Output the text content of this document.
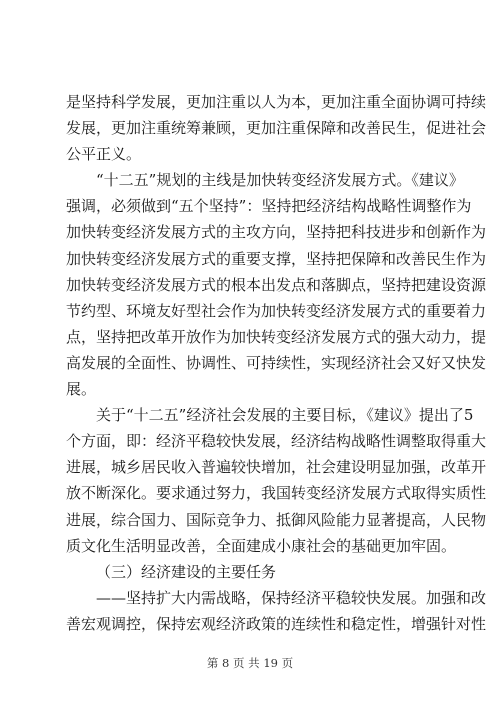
是坚持科学发展，更加注重以人为本，更加注重全面协调可持续
发展，更加注重统筹兼顾，更加注重保障和改善民生，促进社会
公平正义。
“十二五”规划的主线是加快转变经济发展方式。《建议》
强调，必须做到“五个坚持”：坚持把经济结构战略性调整作为
加快转变经济发展方式的主攻方向，坚持把科技进步和创新作为
加快转变经济发展方式的重要支撑，坚持把保障和改善民生作为
加快转变经济发展方式的根本出发点和落脚点，坚持把建设资源
节约型、环境友好型社会作为加快转变经济发展方式的重要着力
点，坚持把改革开放作为加快转变经济发展方式的强大动力，提
高发展的全面性、协调性、可持续性，实现经济社会又好又快发
展。
关于“十二五”经济社会发展的主要目标，《建议》提出了5
个方面，即：经济平稳较快发展，经济结构战略性调整取得重大
进展，城乡居民收入普遍较快增加，社会建设明显加强，改革开
放不断深化。要求通过努力，我国转变经济发展方式取得实质性
进展，综合国力、国际竞争力、抵御风险能力显著提高，人民物
质文化生活明显改善，全面建成小康社会的基础更加牢固。
（三）经济建设的主要任务
——坚持扩大内需战略，保持经济平稳较快发展。加强和改
善宏观调控，保持宏观经济政策的连续性和稳定性，增强针对性
第 8 页 共 19 页
